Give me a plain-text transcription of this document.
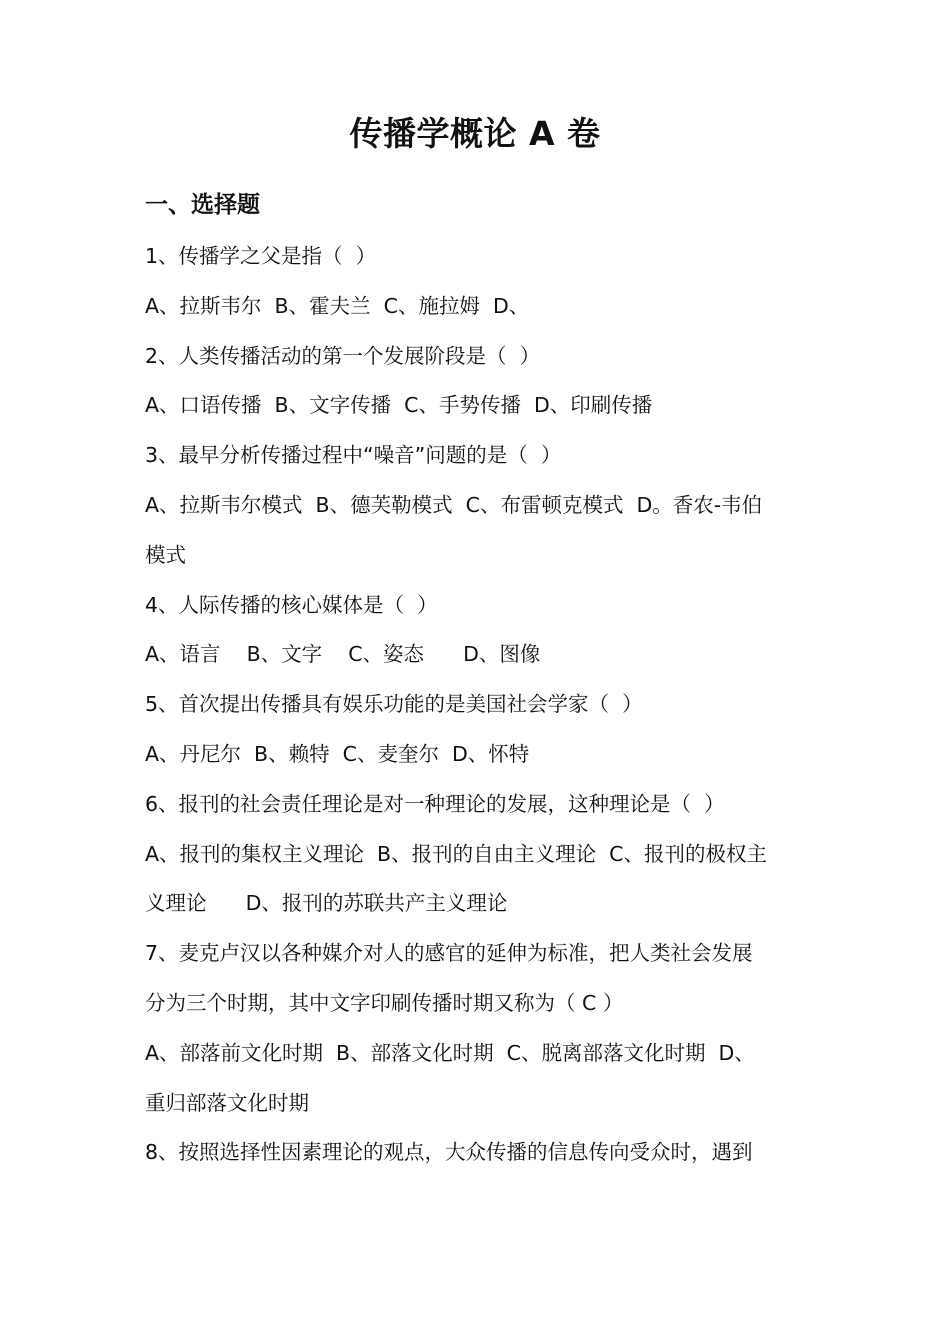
传播学概论 A 卷
一、选择题
1、传播学之父是指（  ）
A、拉斯韦尔  B、霍夫兰  C、施拉姆  D、
2、人类传播活动的第一个发展阶段是（  ）
A、口语传播  B、文字传播  C、手势传播  D、印刷传播
3、最早分析传播过程中“噪音”问题的是（  ）
A、拉斯韦尔模式  B、德芙勒模式  C、布雷顿克模式  D。香农-韦伯
模式
4、人际传播的核心媒体是（  ）
A、语言    B、文字    C、姿态      D、图像
5、首次提出传播具有娱乐功能的是美国社会学家（  ）
A、丹尼尔  B、赖特  C、麦奎尔  D、怀特
6、报刊的社会责任理论是对一种理论的发展，这种理论是（  ）
A、报刊的集权主义理论  B、报刊的自由主义理论  C、报刊的极权主
义理论      D、报刊的苏联共产主义理论
7、麦克卢汉以各种媒介对人的感官的延伸为标准，把人类社会发展
分为三个时期，其中文字印刷传播时期又称为（ C ）
A、部落前文化时期  B、部落文化时期  C、脱离部落文化时期  D、
重归部落文化时期
8、按照选择性因素理论的观点，大众传播的信息传向受众时，遇到
